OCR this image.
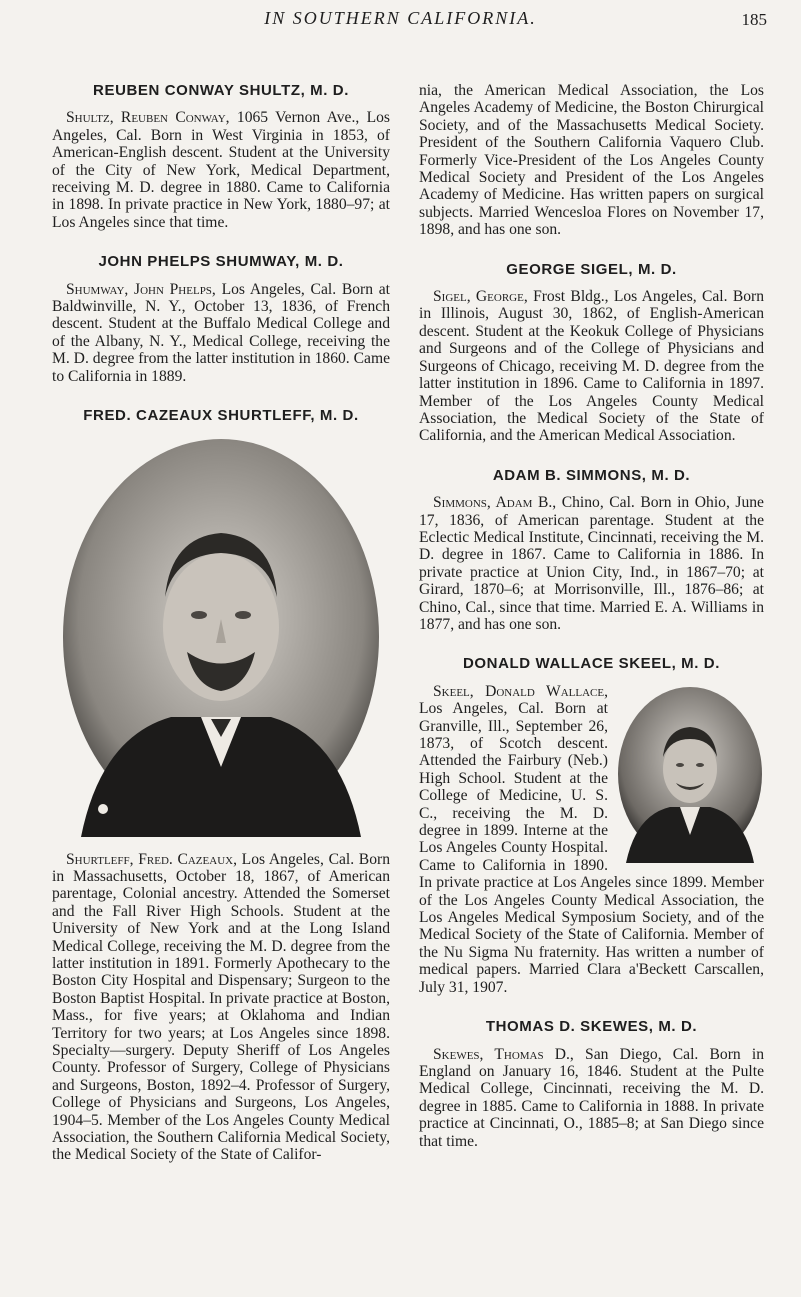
IN SOUTHERN CALIFORNIA.	185
REUBEN CONWAY SHULTZ, M. D.

Shultz, Reuben Conway, 1065 Vernon Ave., Los Angeles, Cal. Born in West Virginia in 1853, of American-English descent. Student at the University of the City of New York, Medical Department, receiving M. D. degree in 1880. Came to California in 1898. In private practice in New York, 1880–97; at Los Angeles since that time.

JOHN PHELPS SHUMWAY, M. D.

Shumway, John Phelps, Los Angeles, Cal. Born at Baldwinville, N. Y., October 13, 1836, of French descent. Student at the Buffalo Medical College and of the Albany, N. Y., Medical College, receiving the M. D. degree from the latter institution in 1860. Came to California in 1889.

FRED. CAZEAUX SHURTLEFF, M. D.

Shurtleff, Fred. Cazeaux, Los Angeles, Cal. Born in Massachusetts, October 18, 1867, of American parentage, Colonial ancestry. Attended the Somerset and the Fall River High Schools. Student at the University of New York and at the Long Island Medical College, receiving the M. D. degree from the latter institution in 1891. Formerly Apothecary to the Boston City Hospital and Dispensary; Surgeon to the Boston Baptist Hospital. In private practice at Boston, Mass., for five years; at Oklahoma and Indian Territory for two years; at Los Angeles since 1898. Specialty—surgery. Deputy Sheriff of Los Angeles County. Professor of Surgery, College of Physicians and Surgeons, Boston, 1892–4. Professor of Surgery, College of Physicians and Surgeons, Los Angeles, 1904–5. Member of the Los Angeles County Medical Association, the Southern California Medical Society, the Medical Society of the State of Califor-

nia, the American Medical Association, the Los Angeles Academy of Medicine, the Boston Chirurgical Society, and of the Massachusetts Medical Society. President of the Southern California Vaquero Club. Formerly Vice-President of the Los Angeles County Medical Society and President of the Los Angeles Academy of Medicine. Has written papers on surgical subjects. Married Wencesloa Flores on November 17, 1898, and has one son.

GEORGE SIGEL, M. D.

Sigel, George, Frost Bldg., Los Angeles, Cal. Born in Illinois, August 30, 1862, of English-American descent. Student at the Keokuk College of Physicians and Surgeons and of the College of Physicians and Surgeons of Chicago, receiving M. D. degree from the latter institution in 1896. Came to California in 1897. Member of the Los Angeles County Medical Association, the Medical Society of the State of California, and the American Medical Association.

ADAM B. SIMMONS, M. D.

Simmons, Adam B., Chino, Cal. Born in Ohio, June 17, 1836, of American parentage. Student at the Eclectic Medical Institute, Cincinnati, receiving the M. D. degree in 1867. Came to California in 1886. In private practice at Union City, Ind., in 1867–70; at Girard, 1870–6; at Morrisonville, Ill., 1876–86; at Chino, Cal., since that time. Married E. A. Williams in 1877, and has one son.

DONALD WALLACE SKEEL, M. D.

Skeel, Donald Wallace, Los Angeles, Cal. Born at Granville, Ill., September 26, 1873, of Scotch descent. Attended the Fairbury (Neb.) High School. Student at the College of Medicine, U. S. C., receiving the M. D. degree in 1899. Interne at the Los Angeles County Hospital. Came to California in 1890. In private practice at Los Angeles since 1899. Member of the Los Angeles County Medical Association, the Los Angeles Medical Symposium Society, and of the Medical Society of the State of California. Member of the Nu Sigma Nu fraternity. Has written a number of medical papers. Married Clara a'Beckett Carscallen, July 31, 1907.

THOMAS D. SKEWES, M. D.

Skewes, Thomas D., San Diego, Cal. Born in England on January 16, 1846. Student at the Pulte Medical College, Cincinnati, receiving the M. D. degree in 1885. Came to California in 1888. In private practice at Cincinnati, O., 1885–8; at San Diego since that time.
